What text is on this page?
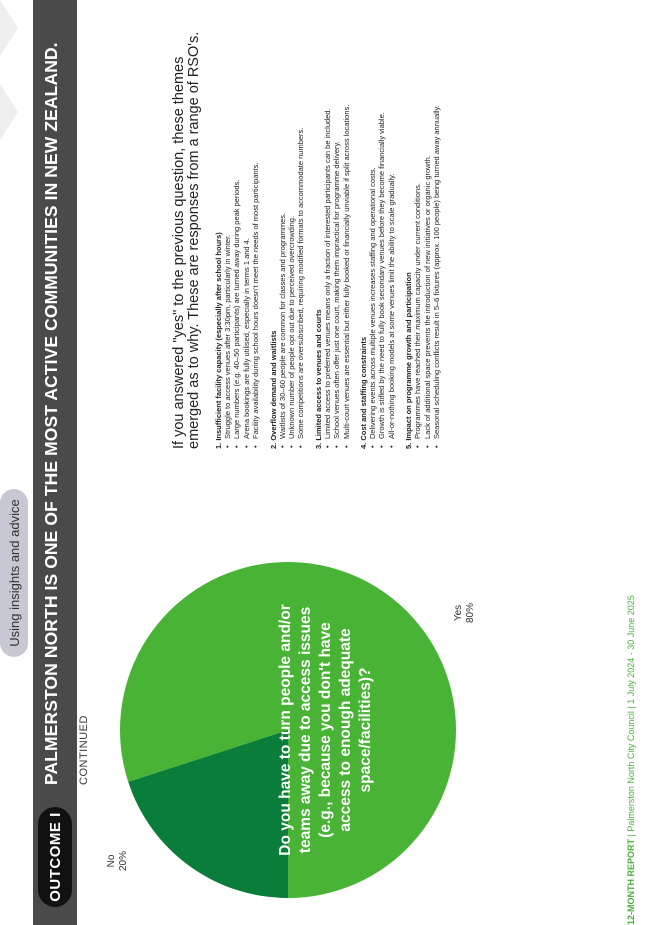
Using insights and advice
OUTCOME I
PALMERSTON NORTH IS ONE OF THE MOST ACTIVE COMMUNITIES IN NEW ZEALAND. CONTINUED	Do you have to turn people and/or teams away due to access issues (e.g., because you don't have access to enough adequate space/facilities)?
No 20%
Yes 80%
If you answered "yes" to the previous question, these themes emerged as to why. These are responses from a range of RSO's. 1. Insufficient facility capacity (especially after school hours) • Struggle to access venues after 3:30pm, particularly in winter. • Large numbers (e.g. 40–50 participants) are turned away during peak periods. • Arena bookings are fully utilised, especially in terms 1 and 4. • Facility availability during school hours doesn't meet the needs of most participants. 2. Overflow demand and waitlists • Waitlists of 30–60 people are common for classes and programmes. • Unknown number of people opt out due to perceived overcrowding. • Some competitions are oversubscribed, requiring modified formats to accommodate numbers. 3. Limited access to venues and courts • Limited access to preferred venues means only a fraction of interested participants can be included. • School venues often offer just one court, making them impractical for programme delivery. • Multi-court venues are essential but either fully booked or financially unviable if split across locations. 4. Cost and staffing constraints • Delivering events across multiple venues increases staffing and operational costs. • Growth is stifled by the need to fully book secondary venues before they become financially viable. • All-or-nothing booking models at some venues limit the ability to scale gradually. 5. Impact on programme growth and participation • Programmes have reached their maximum capacity under current conditions. • Lack of additional space prevents the introduction of new initiatives or organic growth. • Seasonal scheduling conflicts result in 5–6 fixtures (approx. 100 people) being turned away annually.
12-MONTH REPORT | Palmerston North City Council | 1 July 2024 - 30 June 2025
